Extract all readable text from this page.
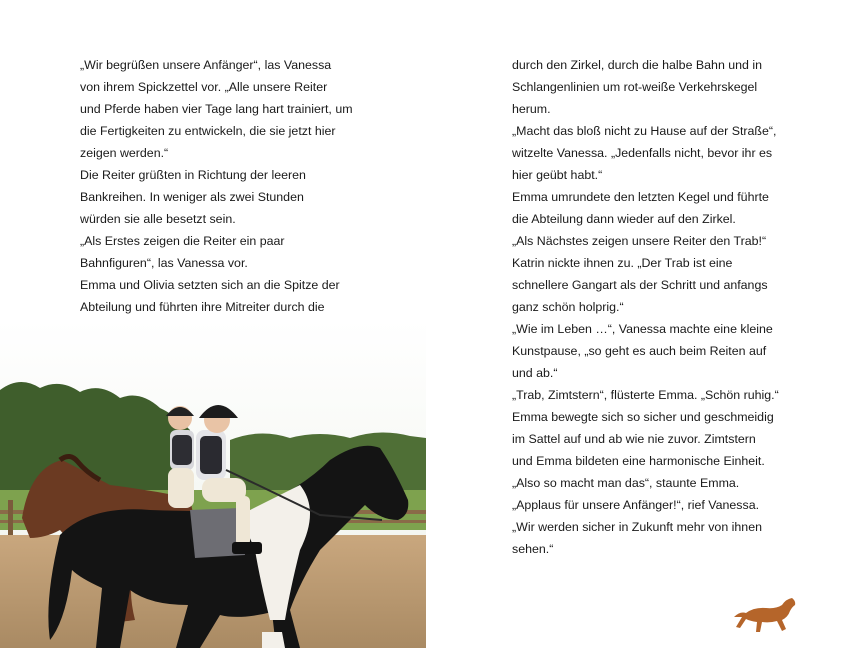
„Wir begrüßen unsere Anfänger“, las Vanessa
von ihrem Spickzettel vor. „Alle unsere Reiter
und Pferde haben vier Tage lang hart trainiert, um
die Fertigkeiten zu entwickeln, die sie jetzt hier
zeigen werden.“
Die Reiter grüßten in Richtung der leeren
Bankreihen. In weniger als zwei Stunden
würden sie alle besetzt sein.
„Als Erstes zeigen die Reiter ein paar
Bahnfiguren“, las Vanessa vor.
Emma und Olivia setzten sich an die Spitze der
Abteilung und führten ihre Mitreiter durch die
durch den Zirkel, durch die halbe Bahn und in
Schlangenlinien um rot-weiße Verkehrskegel
herum.
„Macht das bloß nicht zu Hause auf der Straße“,
witzelte Vanessa. „Jedenfalls nicht, bevor ihr es
hier geübt habt.“
Emma umrundete den letzten Kegel und führte
die Abteilung dann wieder auf den Zirkel.
„Als Nächstes zeigen unsere Reiter den Trab!“
Katrin nickte ihnen zu. „Der Trab ist eine
schnellere Gangart als der Schritt und anfangs
ganz schön holprig.“
„Wie im Leben …“, Vanessa machte eine kleine
Kunstpause, „so geht es auch beim Reiten auf
und ab.“
„Trab, Zimtstern“, flüsterte Emma. „Schön ruhig.“
Emma bewegte sich so sicher und geschmeidig
im Sattel auf und ab wie nie zuvor. Zimtstern
und Emma bildeten eine harmonische Einheit.
„Also so macht man das“, staunte Emma.
„Applaus für unsere Anfänger!“, rief Vanessa.
„Wir werden sicher in Zukunft mehr von ihnen
sehen.“
